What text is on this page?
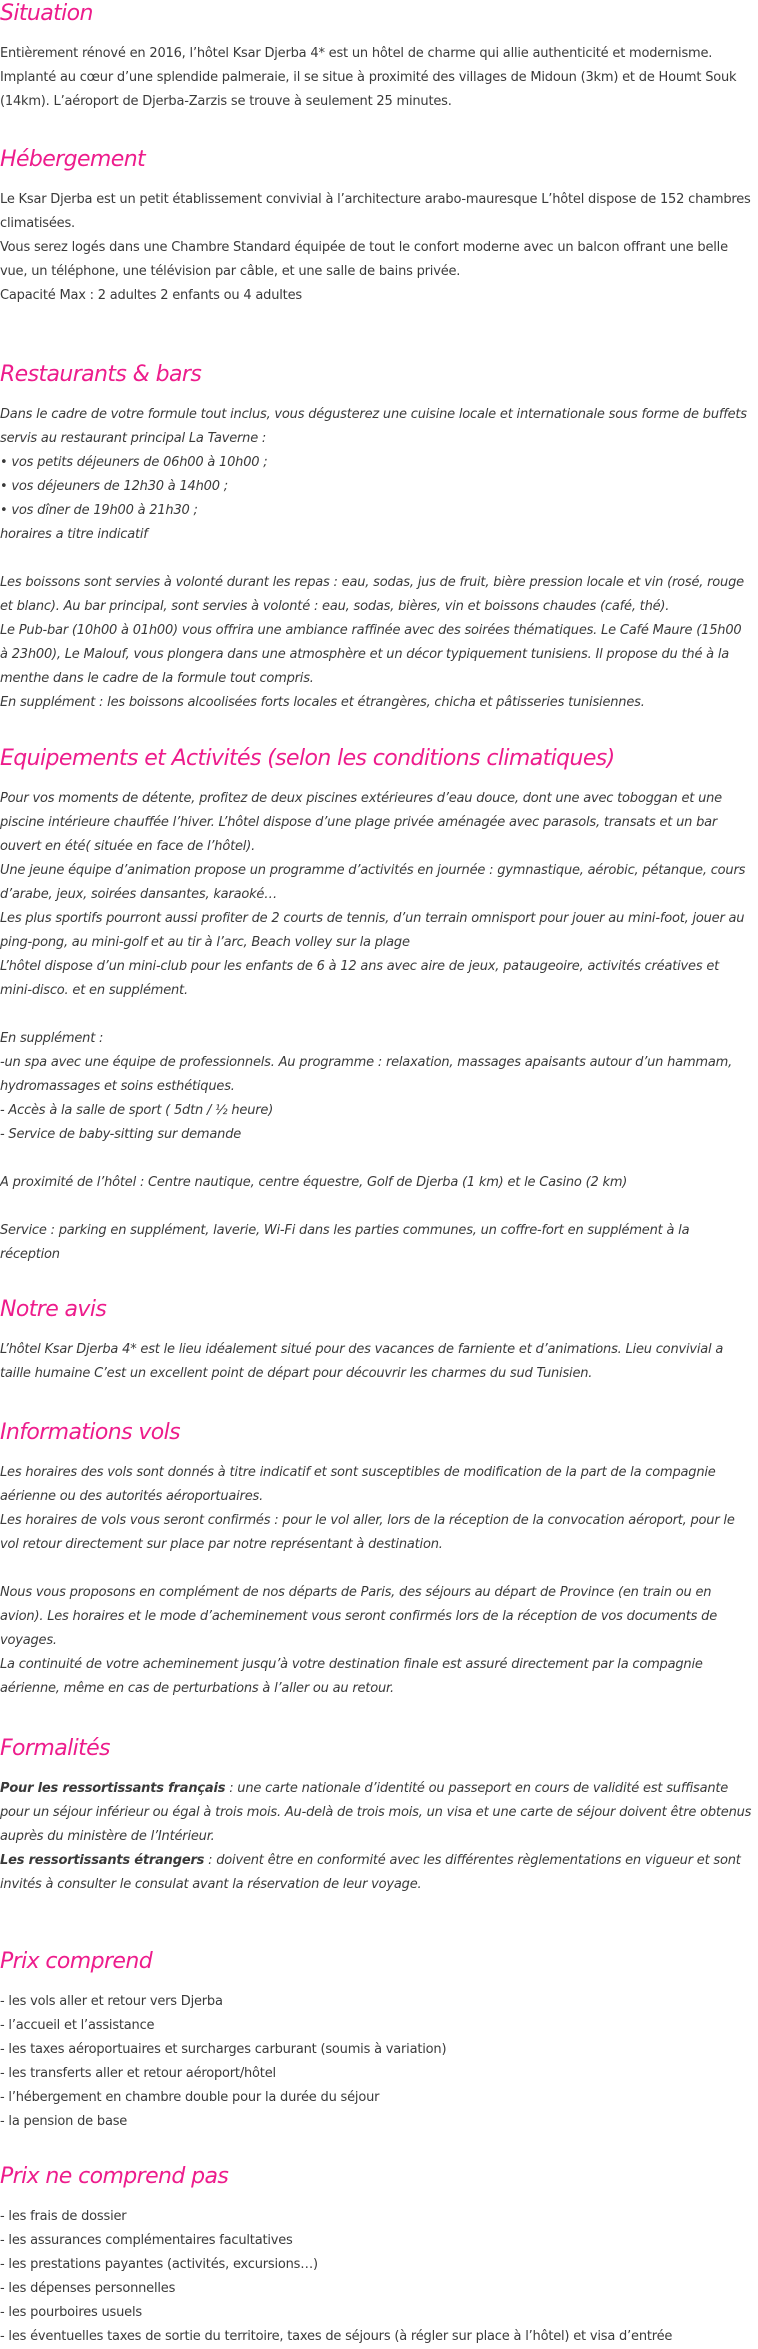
Situation

Entièrement rénové en 2016, l’hôtel Ksar Djerba 4* est un hôtel de charme qui allie authenticité et modernisme. Implanté au cœur d’une splendide palmeraie, il se situe à proximité des villages de Midoun (3km) et de Houmt Souk (14km). L’aéroport de Djerba-Zarzis se trouve à seulement 25 minutes.

Hébergement

Le Ksar Djerba est un petit établissement convivial à l’architecture arabo-mauresque L’hôtel dispose de 152 chambres climatisées.

Vous serez logés dans une Chambre Standard équipée de tout le confort moderne avec un balcon offrant une belle vue, un téléphone, une télévision par câble, et une salle de bains privée.

Capacité Max : 2 adultes 2 enfants ou 4 adultes

Restaurants & bars

Dans le cadre de votre formule tout inclus, vous dégusterez une cuisine locale et internationale sous forme de buffets servis au restaurant principal La Taverne :

• vos petits déjeuners de 06h00 à 10h00 ;

• vos déjeuners de 12h30 à 14h00 ;

• vos dîner de 19h00 à 21h30 ;

horaires a titre indicatif

Les boissons sont servies à volonté durant les repas : eau, sodas, jus de fruit, bière pression locale et vin (rosé, rouge et blanc). Au bar principal, sont servies à volonté : eau, sodas, bières, vin et boissons chaudes (café, thé).

Le Pub-bar (10h00 à 01h00) vous offrira une ambiance raffinée avec des soirées thématiques. Le Café Maure (15h00 à 23h00), Le Malouf, vous plongera dans une atmosphère et un décor typiquement tunisiens. Il propose du thé à la menthe dans le cadre de la formule tout compris.

En supplément : les boissons alcoolisées forts locales et étrangères, chicha et pâtisseries tunisiennes.

Equipements et Activités (selon les conditions climatiques)

Pour vos moments de détente, profitez de deux piscines extérieures d’eau douce, dont une avec toboggan et une piscine intérieure chauffée l’hiver. L’hôtel dispose d’une plage privée aménagée avec parasols, transats et un bar ouvert en été( située en face de l’hôtel).

Une jeune équipe d’animation propose un programme d’activités en journée : gymnastique, aérobic, pétanque, cours d’arabe, jeux, soirées dansantes, karaoké…

Les plus sportifs pourront aussi profiter de 2 courts de tennis, d’un terrain omnisport pour jouer au mini-foot, jouer au ping-pong, au mini-golf et au tir à l’arc, Beach volley sur la plage

L’hôtel dispose d’un mini-club pour les enfants de 6 à 12 ans avec aire de jeux, pataugeoire, activités créatives et mini-disco. et en supplément.

En supplément :

-un spa avec une équipe de professionnels. Au programme : relaxation, massages apaisants autour d’un hammam, hydromassages et soins esthétiques.

- Accès à la salle de sport ( 5dtn / ½ heure)

- Service de baby-sitting sur demande

A proximité de l’hôtel : Centre nautique, centre équestre, Golf de Djerba (1 km) et le Casino (2 km)

Service : parking en supplément, laverie, Wi-Fi dans les parties communes, un coffre-fort en supplément à la réception

Notre avis

L’hôtel Ksar Djerba 4* est le lieu idéalement situé pour des vacances de farniente et d’animations. Lieu convivial a taille humaine C’est un excellent point de départ pour découvrir les charmes du sud Tunisien.

Informations vols

Les horaires des vols sont donnés à titre indicatif et sont susceptibles de modification de la part de la compagnie aérienne ou des autorités aéroportuaires.

Les horaires de vols vous seront confirmés : pour le vol aller, lors de la réception de la convocation aéroport, pour le vol retour directement sur place par notre représentant à destination.

Nous vous proposons en complément de nos départs de Paris, des séjours au départ de Province (en train ou en avion). Les horaires et le mode d’acheminement vous seront confirmés lors de la réception de vos documents de voyages.

La continuité de votre acheminement jusqu’à votre destination finale est assuré directement par la compagnie aérienne, même en cas de perturbations à l’aller ou au retour.

Formalités

Pour les ressortissants français : une carte nationale d’identité ou passeport en cours de validité est suffisante pour un séjour inférieur ou égal à trois mois. Au-delà de trois mois, un visa et une carte de séjour doivent être obtenus auprès du ministère de l’Intérieur.

Les ressortissants étrangers : doivent être en conformité avec les différentes règlementations en vigueur et sont invités à consulter le consulat avant la réservation de leur voyage.

Prix comprend

- les vols aller et retour vers Djerba

- l’accueil et l’assistance

- les taxes aéroportuaires et surcharges carburant (soumis à variation)

- les transferts aller et retour aéroport/hôtel

- l’hébergement en chambre double pour la durée du séjour

- la pension de base

Prix ne comprend pas

- les frais de dossier

- les assurances complémentaires facultatives

- les prestations payantes (activités, excursions…)

- les dépenses personnelles

- les pourboires usuels

- les éventuelles taxes de sortie du territoire, taxes de séjours (à régler sur place à l’hôtel) et visa d’entrée
